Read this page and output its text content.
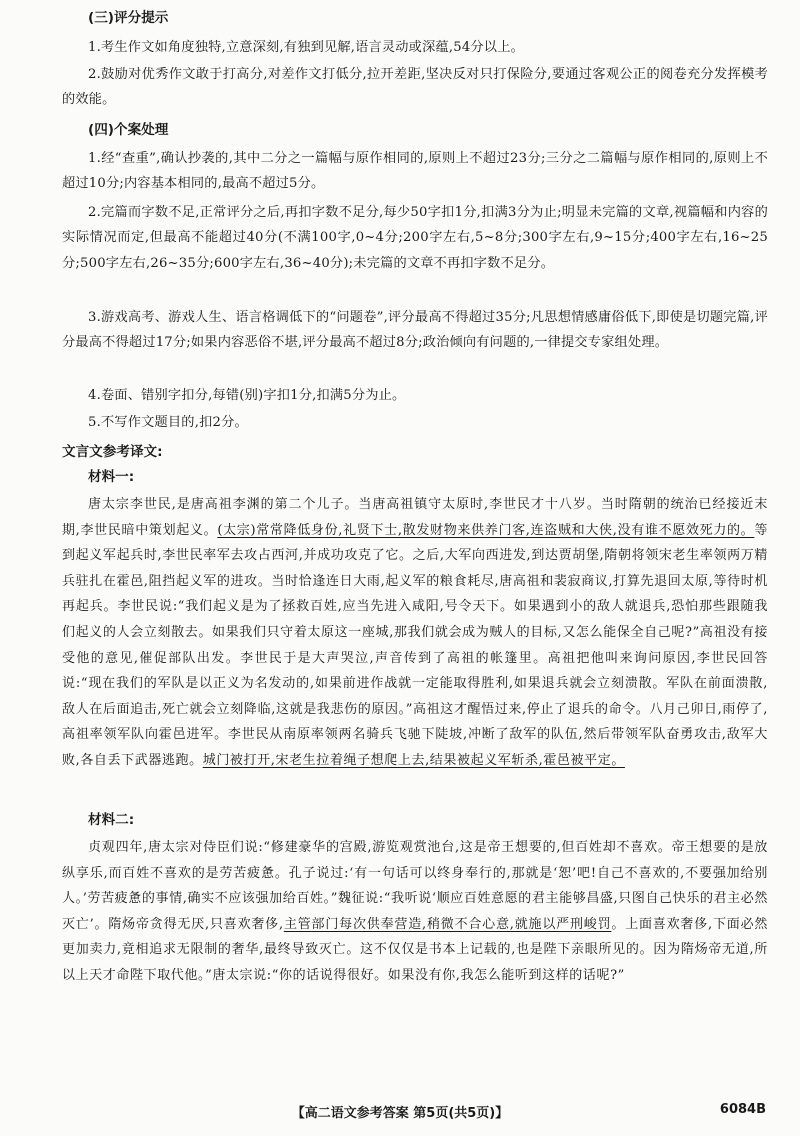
(三)评分提示

1.考生作文如角度独特,立意深刻,有独到见解,语言灵动或深蕴,54分以上。

2.鼓励对优秀作文敢于打高分,对差作文打低分,拉开差距,坚决反对只打保险分,要通过客观公正的阅卷充分发挥模考的效能。

(四)个案处理

1.经“查重”,确认抄袭的,其中二分之一篇幅与原作相同的,原则上不超过23分;三分之二篇幅与原作相同的,原则上不超过10分;内容基本相同的,最高不超过5分。

2.完篇而字数不足,正常评分之后,再扣字数不足分,每少50字扣1分,扣满3分为止;明显未完篇的文章,视篇幅和内容的实际情况而定,但最高不能超过40分(不满100字,0~4分;200字左右,5~8分;300字左右,9~15分;400字左右,16~25分;500字左右,26~35分;600字左右,36~40分);未完篇的文章不再扣字数不足分。

3.游戏高考、游戏人生、语言格调低下的“问题卷”,评分最高不得超过35分;凡思想情感庸俗低下,即使是切题完篇,评分最高不得超过17分;如果内容恶俗不堪,评分最高不超过8分;政治倾向有问题的,一律提交专家组处理。

4.卷面、错别字扣分,每错(别)字扣1分,扣满5分为止。

5.不写作文题目的,扣2分。

文言文参考译文:
材料一:

唐太宗李世民,是唐高祖李渊的第二个儿子。当唐高祖镇守太原时,李世民才十八岁。当时隋朝的统治已经接近末期,李世民暗中策划起义。(太宗)常常降低身份,礼贤下士,散发财物来供养门客,连盗贼和大侠,没有谁不愿效死力的。等到起义军起兵时,李世民率军去攻占西河,并成功攻克了它。之后,大军向西进发,到达贾胡堡,隋朝将领宋老生率领两万精兵驻扎在霍邑,阻挡起义军的进攻。当时恰逢连日大雨,起义军的粮食耗尽,唐高祖和裴寂商议,打算先退回太原,等待时机再起兵。李世民说:“我们起义是为了拯救百姓,应当先进入咸阳,号令天下。如果遇到小的敌人就退兵,恐怕那些跟随我们起义的人会立刻散去。如果我们只守着太原这一座城,那我们就会成为贼人的目标,又怎么能保全自己呢?”高祖没有接受他的意见,催促部队出发。李世民于是大声哭泣,声音传到了高祖的帐篷里。高祖把他叫来询问原因,李世民回答说:“现在我们的军队是以正义为名发动的,如果前进作战就一定能取得胜利,如果退兵就会立刻溃散。军队在前面溃散,敌人在后面追击,死亡就会立刻降临,这就是我悲伤的原因。”高祖这才醒悟过来,停止了退兵的命令。八月己卯日,雨停了,高祖率领军队向霍邑进军。李世民从南原率领两名骑兵飞驰下陡坡,冲断了敌军的队伍,然后带领军队奋勇攻击,敌军大败,各自丢下武器逃跑。城门被打开,宋老生拉着绳子想爬上去,结果被起义军斩杀,霍邑被平定。

材料二:

贞观四年,唐太宗对侍臣们说:“修建豪华的宫殿,游览观赏池台,这是帝王想要的,但百姓却不喜欢。帝王想要的是放纵享乐,而百姓不喜欢的是劳苦疲惫。孔子说过:‘有一句话可以终身奉行的,那就是‘恕’吧!自己不喜欢的,不要强加给别人。’劳苦疲惫的事情,确实不应该强加给百姓。”魏征说:“我听说‘顺应百姓意愿的君主能够昌盛,只图自己快乐的君主必然灭亡’。隋炀帝贪得无厌,只喜欢奢侈,主管部门每次供奉营造,稍微不合心意,就施以严刑峻罚。上面喜欢奢侈,下面必然更加卖力,竟相追求无限制的奢华,最终导致灭亡。这不仅仅是书本上记载的,也是陛下亲眼所见的。因为隋炀帝无道,所以上天才命陛下取代他。”唐太宗说:“你的话说得很好。如果没有你,我怎么能听到这样的话呢?”

【高二语文参考答案 第5页(共5页)】	6084B
